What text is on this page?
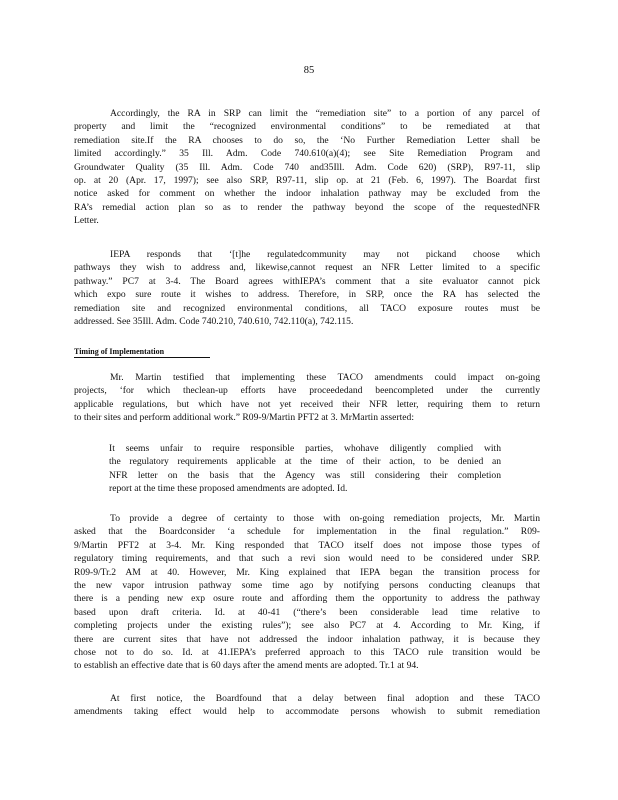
85

Accordingly, the RA in SRP can limit the “remediation site” to a portion of any parcel of
property and limit the “recognized environmental conditions” to be remediated at that
remediation site.If the RA chooses to do so, the ‘No Further Remediation Letter shall be
limited accordingly.” 35 Ill. Adm. Code 740.610(a)(4); see Site Remediation Program and
Groundwater Quality (35 Ill. Adm. Code 740 and35Ill. Adm. Code 620) (SRP), R97-11, slip
op. at 20 (Apr. 17, 1997); see also SRP, R97-11, slip op. at 21 (Feb. 6, 1997). The Boardat first
notice asked for comment on whether the indoor inhalation pathway may be excluded from the
RA’s remedial action plan so as to render the pathway beyond the scope of the requestedNFR
Letter.

IEPA responds that ‘[t]he regulatedcommunity may not pickand choose which
pathways they wish to address and, likewise,cannot request an NFR Letter limited to a specific
pathway.” PC7 at 3-4. The Board agrees withIEPA’s comment that a site evaluator cannot pick
which expo sure route it wishes to address. Therefore, in SRP, once the RA has selected the
remediation site and recognized environmental conditions, all TACO exposure routes must be
addressed. See 35Ill. Adm. Code 740.210, 740.610, 742.110(a), 742.115.

Timing of Implementation

Mr. Martin testified that implementing these TACO amendments could impact on-going
projects, ‘for which theclean-up efforts have proceededand beencompleted under the currently
applicable regulations, but which have not yet received their NFR letter, requiring them to return
to their sites and perform additional work.” R09-9/Martin PFT2 at 3. MrMartin asserted:

It seems unfair to require responsible parties, whohave diligently complied with
the regulatory requirements applicable at the time of their action, to be denied an
NFR letter on the basis that the Agency was still considering their completion
report at the time these proposed amendments are adopted. Id.

To provide a degree of certainty to those with on-going remediation projects, Mr. Martin
asked that the Boardconsider ‘a schedule for implementation in the final regulation.” R09-
9/Martin PFT2 at 3-4. Mr. King responded that TACO itself does not impose those types of
regulatory timing requirements, and that such a revi sion would need to be considered under SRP.
R09-9/Tr.2 AM at 40. However, Mr. King explained that IEPA began the transition process for
the new vapor intrusion pathway some time ago by notifying persons conducting cleanups that
there is a pending new exp osure route and affording them the opportunity to address the pathway
based upon draft criteria. Id. at 40-41 (“there’s been considerable lead time relative to
completing projects under the existing rules”); see also PC7 at 4. According to Mr. King, if
there are current sites that have not addressed the indoor inhalation pathway, it is because they
chose not to do so. Id. at 41.IEPA’s preferred approach to this TACO rule transition would be
to establish an effective date that is 60 days after the amend ments are adopted. Tr.1 at 94.

At first notice, the Boardfound that a delay between final adoption and these TACO
amendments taking effect would help to accommodate persons whowish to submit remediation
